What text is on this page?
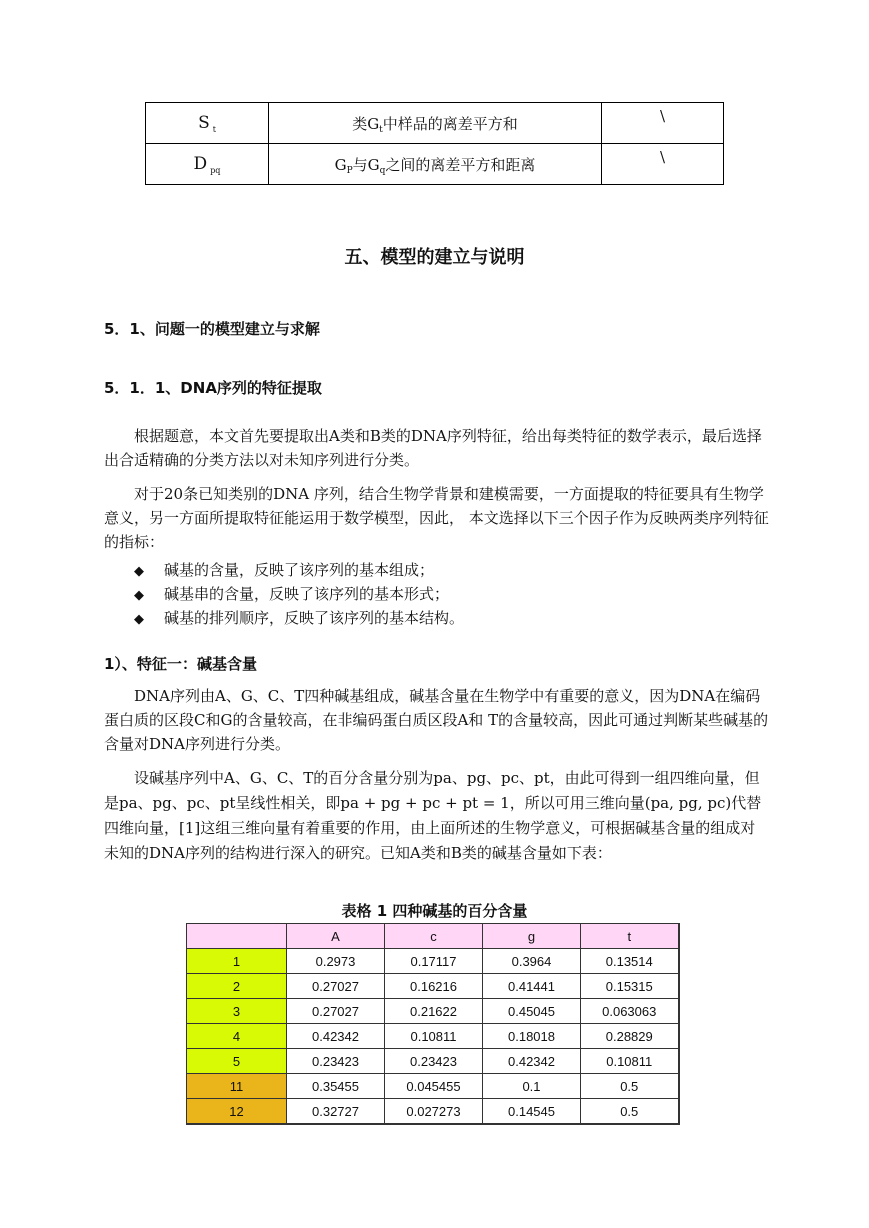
S $_t$	类$G_t$中样品的离差平方和	\
D $_{pq}$	$G_P$与$G_q$之间的离差平方和距离	\
五、模型的建立与说明
5．1、问题一的模型建立与求解
5．1．1、DNA序列的特征提取

根据题意，本文首先要提取出A类和B类的DNA序列特征，给出每类特征的数学表示，最后选择出合适精确的分类方法以对未知序列进行分类。

对于20条已知类别的DNA 序列，结合生物学背景和建模需要，一方面提取的特征要具有生物学意义，另一方面所提取特征能运用于数学模型，因此， 本文选择以下三个因子作为反映两类序列特征的指标：

◆ 碱基的含量，反映了该序列的基本组成；
◆ 碱基串的含量，反映了该序列的基本形式；
◆ 碱基的排列顺序，反映了该序列的基本结构。
1）、特征一：碱基含量

DNA序列由A、G、C、T四种碱基组成，碱基含量在生物学中有重要的意义，因为DNA在编码蛋白质的区段C和G的含量较高，在非编码蛋白质区段A和 T的含量较高，因此可通过判断某些碱基的含量对DNA序列进行分类。

设碱基序列中A、G、C、T的百分含量分别为pa、pg、pc、pt，由此可得到一组四维向量，但是pa、pg、pc、pt呈线性相关，即pa + pg + pc + pt = 1，所以可用三维向量(pa, pg, pc)代替四维向量，[1]这组三维向量有着重要的作用，由上面所述的生物学意义，可根据碱基含量的组成对未知的DNA序列的结构进行深入的研究。已知A类和B类的碱基含量如下表：

表格 1 四种碱基的百分含量
	A	c	g	t
1	0.2973	0.17117	0.3964	0.13514
2	0.27027	0.16216	0.41441	0.15315
3	0.27027	0.21622	0.45045	0.063063
4	0.42342	0.10811	0.18018	0.28829
5	0.23423	0.23423	0.42342	0.10811
11	0.35455	0.045455	0.1	0.5
12	0.32727	0.027273	0.14545	0.5
